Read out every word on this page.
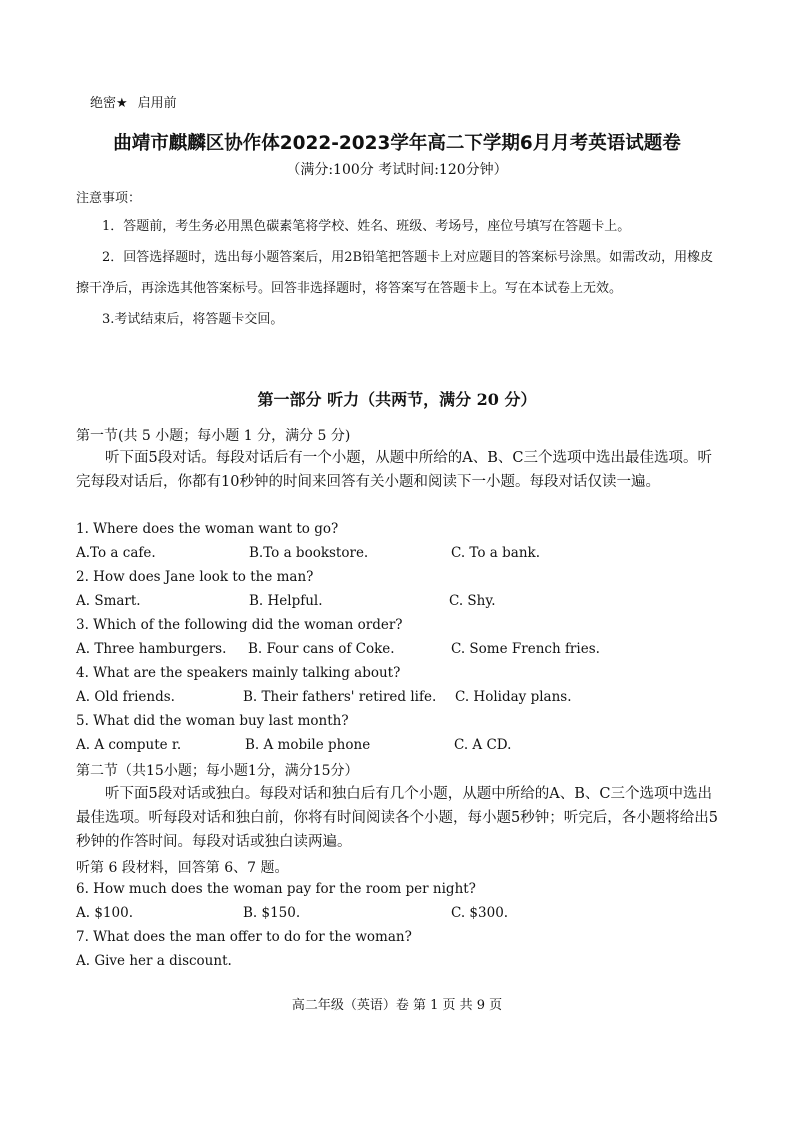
绝密★ 启用前
曲靖市麒麟区协作体2022-2023学年高二下学期6月月考英语试题卷
（满分:100分 考试时间:120分钟）
注意事项：
1．答题前，考生务必用黑色碳素笔将学校、姓名、班级、考场号，座位号填写在答题卡上。
2．回答选择题时，选出每小题答案后，用2B铅笔把答题卡上对应题目的答案标号涂黑。如需改动，用橡皮擦干净后，再涂选其他答案标号。回答非选择题时，将答案写在答题卡上。写在本试卷上无效。
3.考试结束后，将答题卡交回。
第一部分 听力（共两节，满分 20 分）
第一节(共 5 小题；每小题 1 分，满分 5 分)
听下面5段对话。每段对话后有一个小题，从题中所给的A、B、C三个选项中选出最佳选项。听完每段对话后，你都有10秒钟的时间来回答有关小题和阅读下一小题。每段对话仅读一遍。
1. Where does the woman want to go?
A.To a cafe.	B.To a bookstore.	C. To a bank.
2. How does Jane look to the man?
A. Smart.	B. Helpful.	C. Shy.
3. Which of the following did the woman order?
A. Three hamburgers. B. Four cans of Coke.	C. Some French fries.
4. What are the speakers mainly talking about?
A. Old friends.	B. Their fathers' retired life. C. Holiday plans.
5. What did the woman buy last month?
A. A compute r.	B. A mobile phone	C. A CD.
第二节（共15小题；每小题1分，满分15分）
听下面5段对话或独白。每段对话和独白后有几个小题，从题中所给的A、B、C三个选项中选出最佳选项。听每段对话和独白前，你将有时间阅读各个小题，每小题5秒钟；听完后，各小题将给出5秒钟的作答时间。每段对话或独白读两遍。
听第 6 段材料，回答第 6、7 题。
6. How much does the woman pay for the room per night?
A. $100.	B. $150.	C. $300.
7. What does the man offer to do for the woman?
A. Give her a discount.
高二年级（英语）卷 第 1 页 共 9 页
